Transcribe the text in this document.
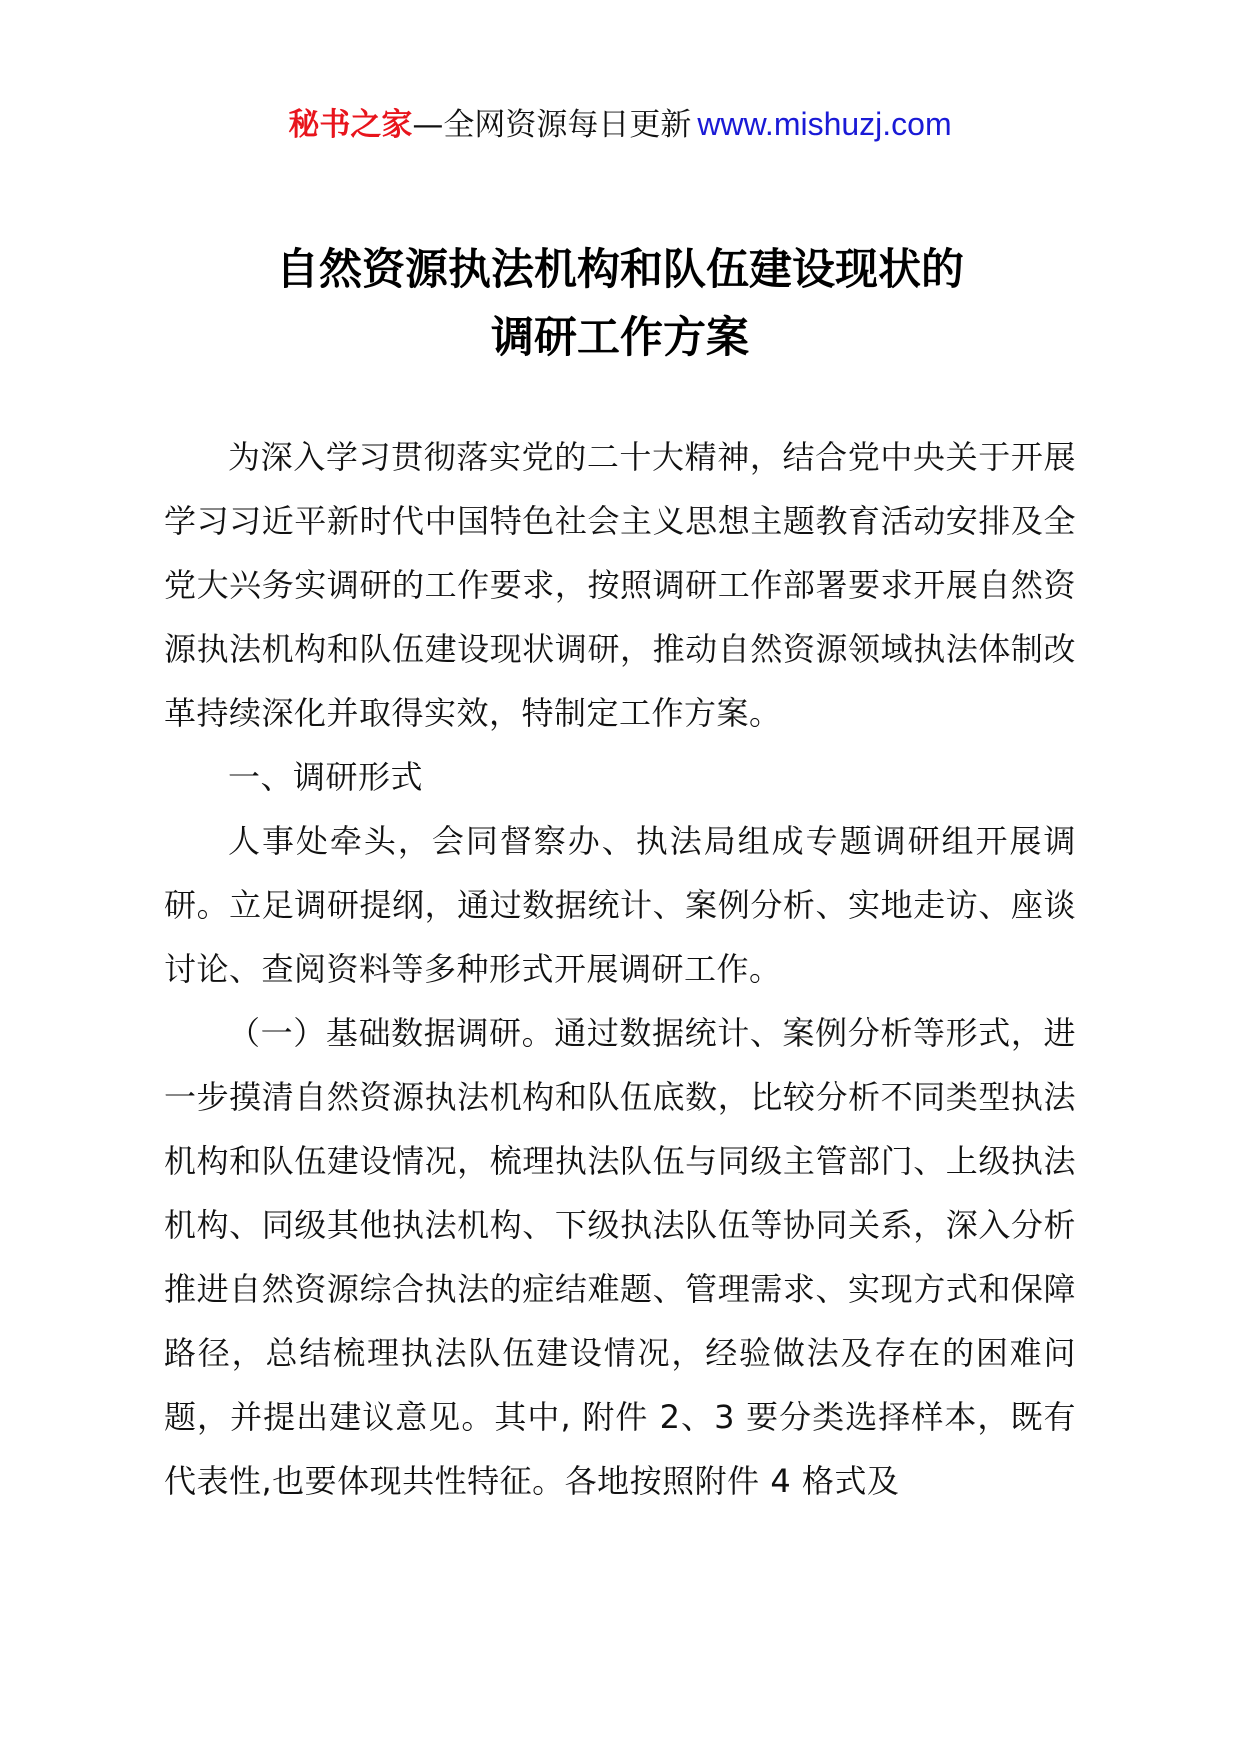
秘书之家—全网资源每日更新 www.mishuzj.com
自然资源执法机构和队伍建设现状的
调研工作方案

为深入学习贯彻落实党的二十大精神，结合党中央关于开展学习习近平新时代中国特色社会主义思想主题教育活动安排及全党大兴务实调研的工作要求，按照调研工作部署要求开展自然资源执法机构和队伍建设现状调研，推动自然资源领域执法体制改革持续深化并取得实效，特制定工作方案。

一、调研形式

人事处牵头，会同督察办、执法局组成专题调研组开展调研。立足调研提纲，通过数据统计、案例分析、实地走访、座谈讨论、查阅资料等多种形式开展调研工作。

（一）基础数据调研。通过数据统计、案例分析等形式，进一步摸清自然资源执法机构和队伍底数，比较分析不同类型执法机构和队伍建设情况，梳理执法队伍与同级主管部门、上级执法机构、同级其他执法机构、下级执法队伍等协同关系，深入分析推进自然资源综合执法的症结难题、管理需求、实现方式和保障路径，总结梳理执法队伍建设情况，经验做法及存在的困难问题，并提出建议意见。其中, 附件 2、3 要分类选择样本，既有代表性,也要体现共性特征。各地按照附件 4 格式及
